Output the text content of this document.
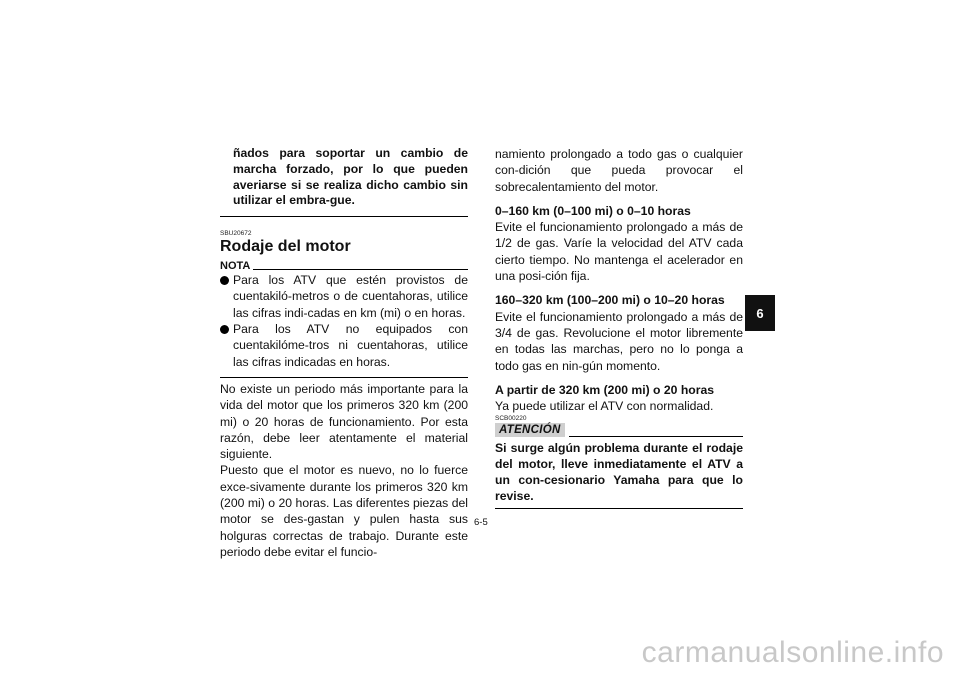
ñados para soportar un cambio de marcha forzado, por lo que pueden averiarse si se realiza dicho cambio sin utilizar el embra-gue.
SBU20672
Rodaje del motor
NOTA
Para los ATV que estén provistos de cuentakiló-metros o de cuentahoras, utilice las cifras indi-cadas en km (mi) o en horas.
Para los ATV no equipados con cuentakilóme-tros ni cuentahoras, utilice las cifras indicadas en horas.
No existe un periodo más importante para la vida del motor que los primeros 320 km (200 mi) o 20 horas de funcionamiento. Por esta razón, debe leer atentamente el material siguiente.
Puesto que el motor es nuevo, no lo fuerce exce-sivamente durante los primeros 320 km (200 mi) o 20 horas. Las diferentes piezas del motor se des-gastan y pulen hasta sus holguras correctas de trabajo. Durante este periodo debe evitar el funcio-
namiento prolongado a todo gas o cualquier con-dición que pueda provocar el sobrecalentamiento del motor.
0–160 km (0–100 mi) o 0–10 horas
Evite el funcionamiento prolongado a más de 1/2 de gas. Varíe la velocidad del ATV cada cierto tiempo. No mantenga el acelerador en una posi-ción fija.
160–320 km (100–200 mi) o 10–20 horas
Evite el funcionamiento prolongado a más de 3/4 de gas. Revolucione el motor libremente en todas las marchas, pero no lo ponga a todo gas en nin-gún momento.
A partir de 320 km (200 mi) o 20 horas
Ya puede utilizar el ATV con normalidad.
SCB00220
ATENCIÓN
Si surge algún problema durante el rodaje del motor, lleve inmediatamente el ATV a un con-cesionario Yamaha para que lo revise.
6
6-5
carmanualsonline.info
